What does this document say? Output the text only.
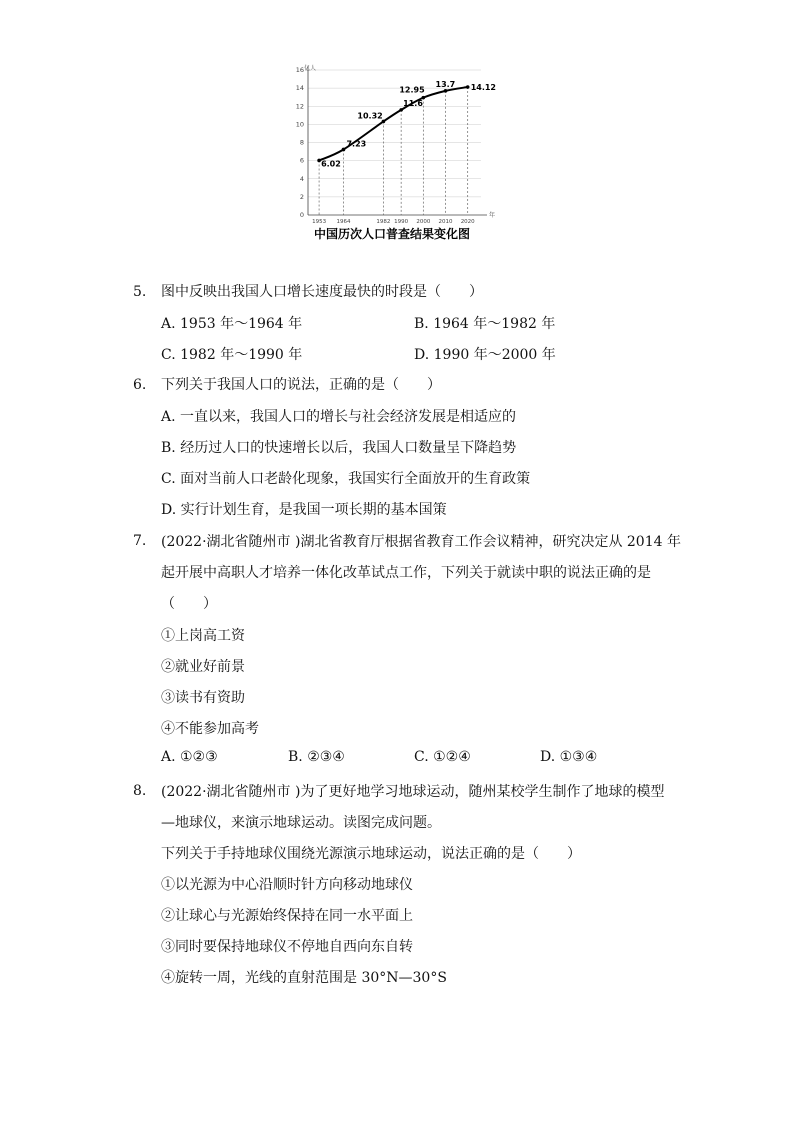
0
2
4
6
8
10
12
14
16
1953 1964	1982 1990 2000 2010 2020
6.02
7.23
10.32
11.6
12.95
13.7 14.12
亿人
年
中国历次人口普查结果变化图
5. 图中反映出我国人口增长速度最快的时段是（　　）
A. 1953 年～1964 年	B. 1964 年～1982 年
C. 1982 年～1990 年	D. 1990 年～2000 年
6. 下列关于我国人口的说法，正确的是（　　）
A. 一直以来，我国人口的增长与社会经济发展是相适应的
B. 经历过人口的快速增长以后，我国人口数量呈下降趋势
C. 面对当前人口老龄化现象，我国实行全面放开的生育政策
D. 实行计划生育，是我国一项长期的基本国策
7. (2022·湖北省随州市 )湖北省教育厅根据省教育工作会议精神，研究决定从 2014 年
起开展中高职人才培养一体化改革试点工作，下列关于就读中职的说法正确的是
（　　）
①上岗高工资
②就业好前景
③读书有资助
④不能参加高考
A. ①②③	B. ②③④	C. ①②④	D. ①③④
8. (2022·湖北省随州市 )为了更好地学习地球运动，随州某校学生制作了地球的模型
—地球仪，来演示地球运动。读图完成问题。
下列关于手持地球仪围绕光源演示地球运动，说法正确的是（　　）
①以光源为中心沿顺时针方向移动地球仪
②让球心与光源始终保持在同一水平面上
③同时要保持地球仪不停地自西向东自转
④旋转一周，光线的直射范围是 30°N—30°S
